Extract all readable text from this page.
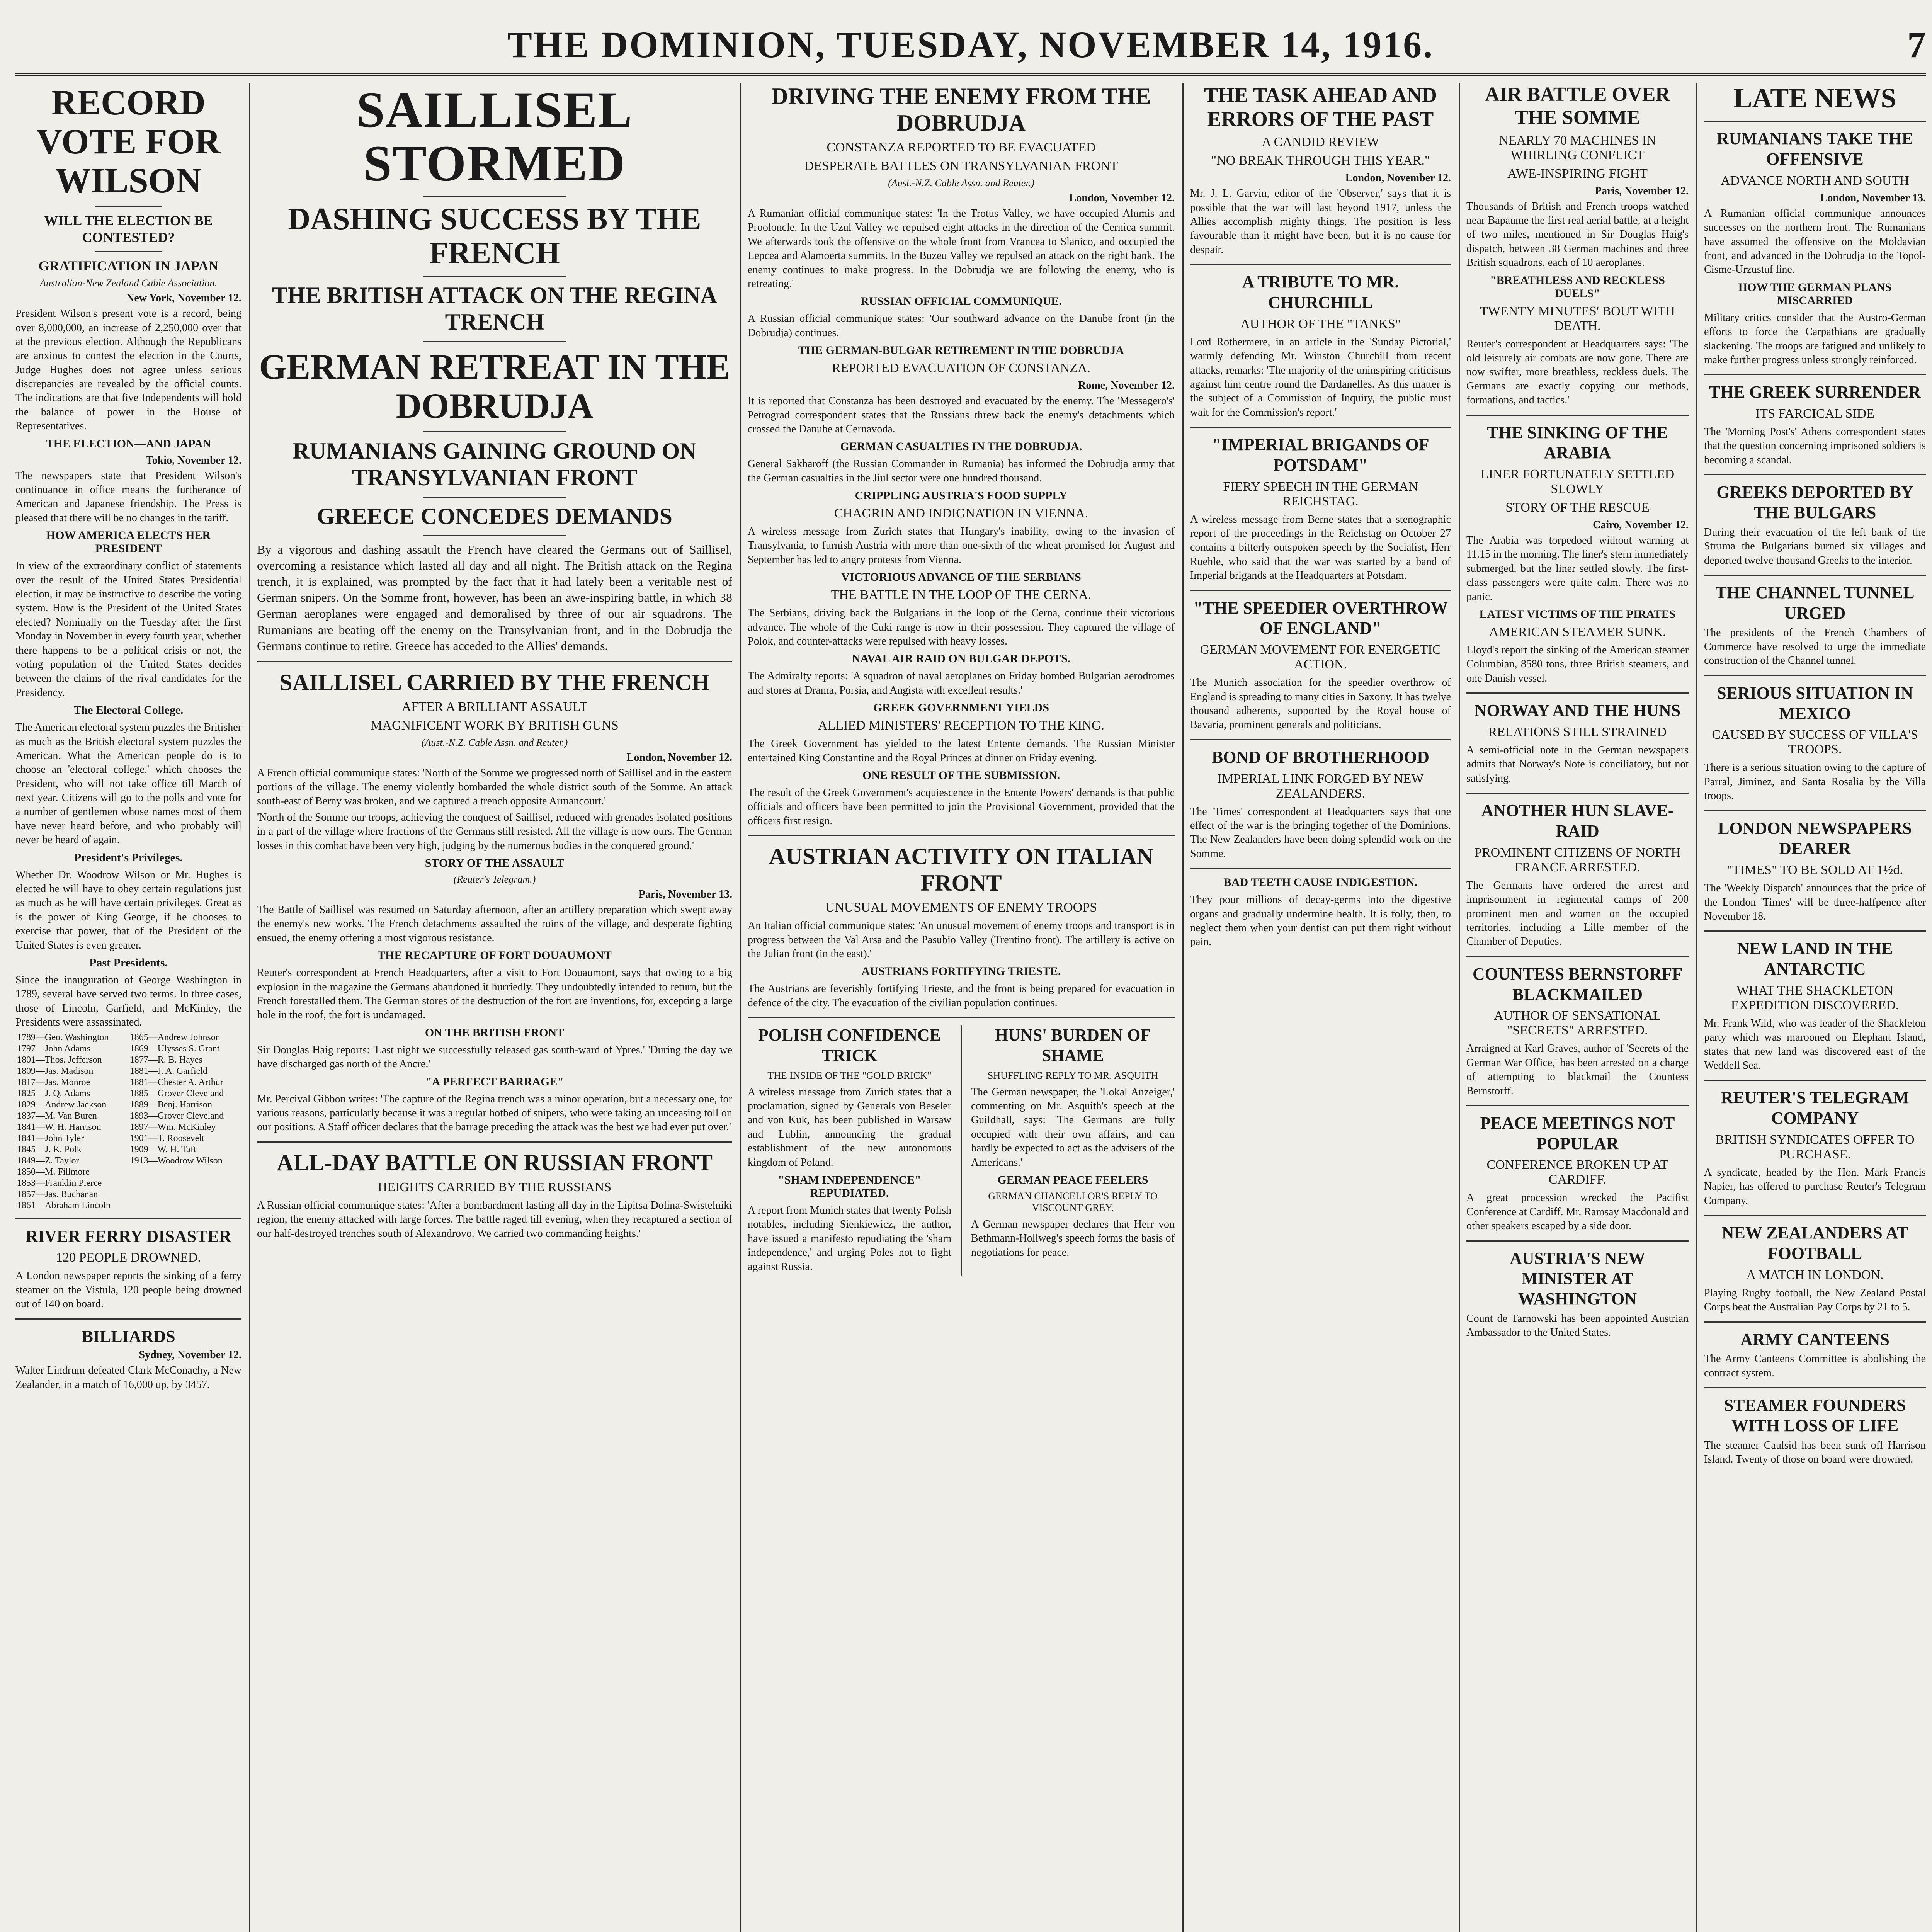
THE DOMINION, TUESDAY, NOVEMBER 14, 1916.	7
RECORD VOTE FOR WILSON
WILL THE ELECTION BE CONTESTED?
GRATIFICATION IN JAPAN
Australian-New Zealand Cable Association.
New York, November 12.

President Wilson's present vote is a record, being over 8,000,000, an increase of 2,250,000 over that at the previous election. Although the Republicans are anxious to contest the election in the Courts, Judge Hughes does not agree unless serious discrepancies are revealed by the official counts. The indications are that five Independents will hold the balance of power in the House of Representatives.

THE ELECTION—AND JAPAN
Tokio, November 12.

The newspapers state that President Wilson's continuance in office means the furtherance of American and Japanese friendship. The Press is pleased that there will be no changes in the tariff.

HOW AMERICA ELECTS HER PRESIDENT

In view of the extraordinary conflict of statements over the result of the United States Presidential election, it may be instructive to describe the voting system. How is the President of the United States elected? Nominally on the Tuesday after the first Monday in November in every fourth year, whether there happens to be a political crisis or not, the voting population of the United States decides between the claims of the rival candidates for the Presidency.

The Electoral College.

The American electoral system puzzles the Britisher as much as the British electoral system puzzles the American. What the American people do is to choose an 'electoral college,' which chooses the President, who will not take office till March of next year. Citizens will go to the polls and vote for a number of gentlemen whose names most of them have never heard before, and who probably will never be heard of again.

President's Privileges.

Whether Dr. Woodrow Wilson or Mr. Hughes is elected he will have to obey certain regulations just as much as he will have certain privileges. Great as is the power of King George, if he chooses to exercise that power, that of the President of the United States is even greater.

Past Presidents.

Since the inauguration of George Washington in 1789, several have served two terms. In three cases, those of Lincoln, Garfield, and McKinley, the Presidents were assassinated.

1789—Geo. Washington	1865—Andrew Johnson
1797—John Adams	1869—Ulysses S. Grant
1801—Thos. Jefferson	1877—R. B. Hayes
1809—Jas. Madison	1881—J. A. Garfield
1817—Jas. Monroe	1881—Chester A. Arthur
1825—J. Q. Adams	1885—Grover Cleveland
1829—Andrew Jackson	1889—Benj. Harrison
1837—M. Van Buren	1893—Grover Cleveland
1841—W. H. Harrison	1897—Wm. McKinley
1841—John Tyler	1901—T. Roosevelt
1845—J. K. Polk	1909—W. H. Taft
1849—Z. Taylor	1913—Woodrow Wilson
1850—M. Fillmore	
1853—Franklin Pierce	
1857—Jas. Buchanan	
1861—Abraham Lincoln	
RIVER FERRY DISASTER
120 PEOPLE DROWNED.

A London newspaper reports the sinking of a ferry steamer on the Vistula, 120 people being drowned out of 140 on board.

BILLIARDS
Sydney, November 12.

Walter Lindrum defeated Clark McConachy, a New Zealander, in a match of 16,000 up, by 3457.

SAILLISEL STORMED
DASHING SUCCESS BY THE FRENCH
THE BRITISH ATTACK ON THE REGINA TRENCH
GERMAN RETREAT IN THE DOBRUDJA
RUMANIANS GAINING GROUND ON TRANSYLVANIAN FRONT
GREECE CONCEDES DEMANDS

By a vigorous and dashing assault the French have cleared the Germans out of Saillisel, overcoming a resistance which lasted all day and all night. The British attack on the Regina trench, it is explained, was prompted by the fact that it had lately been a veritable nest of German snipers. On the Somme front, however, has been an awe-inspiring battle, in which 38 German aeroplanes were engaged and demoralised by three of our air squadrons. The Rumanians are beating off the enemy on the Transylvanian front, and in the Dobrudja the Germans continue to retire. Greece has acceded to the Allies' demands.

SAILLISEL CARRIED BY THE FRENCH
AFTER A BRILLIANT ASSAULT
MAGNIFICENT WORK BY BRITISH GUNS
(Aust.-N.Z. Cable Assn. and Reuter.)
London, November 12.

A French official communique states: 'North of the Somme we progressed north of Saillisel and in the eastern portions of the village. The enemy violently bombarded the whole district south of the Somme. An attack south-east of Berny was broken, and we captured a trench opposite Armancourt.'

'North of the Somme our troops, achieving the conquest of Saillisel, reduced with grenades isolated positions in a part of the village where fractions of the Germans still resisted. All the village is now ours. The German losses in this combat have been very high, judging by the numerous bodies in the conquered ground.'

STORY OF THE ASSAULT
(Reuter's Telegram.)
Paris, November 13.

The Battle of Saillisel was resumed on Saturday afternoon, after an artillery preparation which swept away the enemy's new works. The French detachments assaulted the ruins of the village, and desperate fighting ensued, the enemy offering a most vigorous resistance.

THE RECAPTURE OF FORT DOUAUMONT

Reuter's correspondent at French Headquarters, after a visit to Fort Douaumont, says that owing to a big explosion in the magazine the Germans abandoned it hurriedly. They undoubtedly intended to return, but the French forestalled them. The German stores of the destruction of the fort are inventions, for, excepting a large hole in the roof, the fort is undamaged.

ON THE BRITISH FRONT

Sir Douglas Haig reports: 'Last night we successfully released gas south-ward of Ypres.' 'During the day we have discharged gas north of the Ancre.'

"A PERFECT BARRAGE"

Mr. Percival Gibbon writes: 'The capture of the Regina trench was a minor operation, but a necessary one, for various reasons, particularly because it was a regular hotbed of snipers, who were taking an unceasing toll on our positions. A Staff officer declares that the barrage preceding the attack was the best we had ever put over.'

ALL-DAY BATTLE ON RUSSIAN FRONT
HEIGHTS CARRIED BY THE RUSSIANS

A Russian official communique states: 'After a bombardment lasting all day in the Lipitsa Dolina-Swistelniki region, the enemy attacked with large forces. The battle raged till evening, when they recaptured a section of our half-destroyed trenches south of Alexandrovo. We carried two commanding heights.'

DRIVING THE ENEMY FROM THE DOBRUDJA
CONSTANZA REPORTED TO BE EVACUATED
DESPERATE BATTLES ON TRANSYLVANIAN FRONT
(Aust.-N.Z. Cable Assn. and Reuter.)
London, November 12.

A Rumanian official communique states: 'In the Trotus Valley, we have occupied Alumis and Prooloncle. In the Uzul Valley we repulsed eight attacks in the direction of the Cernica summit. We afterwards took the offensive on the whole front from Vrancea to Slanico, and occupied the Lepcea and Alamoerta summits. In the Buzeu Valley we repulsed an attack on the right bank. The enemy continues to make progress. In the Dobrudja we are following the enemy, who is retreating.'

RUSSIAN OFFICIAL COMMUNIQUE.

A Russian official communique states: 'Our southward advance on the Danube front (in the Dobrudja) continues.'

THE GERMAN-BULGAR RETIREMENT IN THE DOBRUDJA
REPORTED EVACUATION OF CONSTANZA.
Rome, November 12.

It is reported that Constanza has been destroyed and evacuated by the enemy. The 'Messagero's' Petrograd correspondent states that the Russians threw back the enemy's detachments which crossed the Danube at Cernavoda.

GERMAN CASUALTIES IN THE DOBRUDJA.

General Sakharoff (the Russian Commander in Rumania) has informed the Dobrudja army that the German casualties in the Jiul sector were one hundred thousand.

CRIPPLING AUSTRIA'S FOOD SUPPLY
CHAGRIN AND INDIGNATION IN VIENNA.

A wireless message from Zurich states that Hungary's inability, owing to the invasion of Transylvania, to furnish Austria with more than one-sixth of the wheat promised for August and September has led to angry protests from Vienna.

VICTORIOUS ADVANCE OF THE SERBIANS
THE BATTLE IN THE LOOP OF THE CERNA.

The Serbians, driving back the Bulgarians in the loop of the Cerna, continue their victorious advance. The whole of the Cuki range is now in their possession. They captured the village of Polok, and counter-attacks were repulsed with heavy losses.

NAVAL AIR RAID ON BULGAR DEPOTS.

The Admiralty reports: 'A squadron of naval aeroplanes on Friday bombed Bulgarian aerodromes and stores at Drama, Porsia, and Angista with excellent results.'

GREEK GOVERNMENT YIELDS
ALLIED MINISTERS' RECEPTION TO THE KING.

The Greek Government has yielded to the latest Entente demands. The Russian Minister entertained King Constantine and the Royal Princes at dinner on Friday evening.

ONE RESULT OF THE SUBMISSION.

The result of the Greek Government's acquiescence in the Entente Powers' demands is that public officials and officers have been permitted to join the Provisional Government, provided that the officers first resign.

AUSTRIAN ACTIVITY ON ITALIAN FRONT
UNUSUAL MOVEMENTS OF ENEMY TROOPS

An Italian official communique states: 'An unusual movement of enemy troops and transport is in progress between the Val Arsa and the Pasubio Valley (Trentino front). The artillery is active on the Julian front (in the east).'

AUSTRIANS FORTIFYING TRIESTE.

The Austrians are feverishly fortifying Trieste, and the front is being prepared for evacuation in defence of the city. The evacuation of the civilian population continues.

POLISH CONFIDENCE TRICK
THE INSIDE OF THE "GOLD BRICK"

A wireless message from Zurich states that a proclamation, signed by Generals von Beseler and von Kuk, has been published in Warsaw and Lublin, announcing the gradual establishment of the new autonomous kingdom of Poland.

"SHAM INDEPENDENCE" REPUDIATED.

A report from Munich states that twenty Polish notables, including Sienkiewicz, the author, have issued a manifesto repudiating the 'sham independence,' and urging Poles not to fight against Russia.

HUNS' BURDEN OF SHAME
SHUFFLING REPLY TO MR. ASQUITH

The German newspaper, the 'Lokal Anzeiger,' commenting on Mr. Asquith's speech at the Guildhall, says: 'The Germans are fully occupied with their own affairs, and can hardly be expected to act as the advisers of the Americans.'

GERMAN PEACE FEELERS
GERMAN CHANCELLOR'S REPLY TO VISCOUNT GREY.

A German newspaper declares that Herr von Bethmann-Hollweg's speech forms the basis of negotiations for peace.

THE TASK AHEAD AND ERRORS OF THE PAST
A CANDID REVIEW
"NO BREAK THROUGH THIS YEAR."
London, November 12.

Mr. J. L. Garvin, editor of the 'Observer,' says that it is possible that the war will last beyond 1917, unless the Allies accomplish mighty things. The position is less favourable than it might have been, but it is no cause for despair.

A TRIBUTE TO MR. CHURCHILL
AUTHOR OF THE "TANKS"

Lord Rothermere, in an article in the 'Sunday Pictorial,' warmly defending Mr. Winston Churchill from recent attacks, remarks: 'The majority of the uninspiring criticisms against him centre round the Dardanelles. As this matter is the subject of a Commission of Inquiry, the public must wait for the Commission's report.'

"IMPERIAL BRIGANDS OF POTSDAM"
FIERY SPEECH IN THE GERMAN REICHSTAG.

A wireless message from Berne states that a stenographic report of the proceedings in the Reichstag on October 27 contains a bitterly outspoken speech by the Socialist, Herr Ruehle, who said that the war was started by a band of Imperial brigands at the Headquarters at Potsdam.

"THE SPEEDIER OVERTHROW OF ENGLAND"
GERMAN MOVEMENT FOR ENERGETIC ACTION.

The Munich association for the speedier overthrow of England is spreading to many cities in Saxony. It has twelve thousand adherents, supported by the Royal house of Bavaria, prominent generals and politicians.

BOND OF BROTHERHOOD
IMPERIAL LINK FORGED BY NEW ZEALANDERS.

The 'Times' correspondent at Headquarters says that one effect of the war is the bringing together of the Dominions. The New Zealanders have been doing splendid work on the Somme.

BAD TEETH CAUSE INDIGESTION.

They pour millions of decay-germs into the digestive organs and gradually undermine health. It is folly, then, to neglect them when your dentist can put them right without pain.

AIR BATTLE OVER THE SOMME
NEARLY 70 MACHINES IN WHIRLING CONFLICT
AWE-INSPIRING FIGHT
Paris, November 12.

Thousands of British and French troops watched near Bapaume the first real aerial battle, at a height of two miles, mentioned in Sir Douglas Haig's dispatch, between 38 German machines and three British squadrons, each of 10 aeroplanes.

"BREATHLESS AND RECKLESS DUELS"
TWENTY MINUTES' BOUT WITH DEATH.

Reuter's correspondent at Headquarters says: 'The old leisurely air combats are now gone. There are now swifter, more breathless, reckless duels. The Germans are exactly copying our methods, formations, and tactics.'

THE SINKING OF THE ARABIA
LINER FORTUNATELY SETTLED SLOWLY
STORY OF THE RESCUE
Cairo, November 12.

The Arabia was torpedoed without warning at 11.15 in the morning. The liner's stern immediately submerged, but the liner settled slowly. The first-class passengers were quite calm. There was no panic.

LATEST VICTIMS OF THE PIRATES
AMERICAN STEAMER SUNK.

Lloyd's report the sinking of the American steamer Columbian, 8580 tons, three British steamers, and one Danish vessel.

NORWAY AND THE HUNS
RELATIONS STILL STRAINED

A semi-official note in the German newspapers admits that Norway's Note is conciliatory, but not satisfying.

ANOTHER HUN SLAVE-RAID
PROMINENT CITIZENS OF NORTH FRANCE ARRESTED.

The Germans have ordered the arrest and imprisonment in regimental camps of 200 prominent men and women on the occupied territories, including a Lille member of the Chamber of Deputies.

COUNTESS BERNSTORFF BLACKMAILED
AUTHOR OF SENSATIONAL "SECRETS" ARRESTED.

Arraigned at Karl Graves, author of 'Secrets of the German War Office,' has been arrested on a charge of attempting to blackmail the Countess Bernstorff.

PEACE MEETINGS NOT POPULAR
CONFERENCE BROKEN UP AT CARDIFF.

A great procession wrecked the Pacifist Conference at Cardiff. Mr. Ramsay Macdonald and other speakers escaped by a side door.

AUSTRIA'S NEW MINISTER AT WASHINGTON

Count de Tarnowski has been appointed Austrian Ambassador to the United States.

LATE NEWS
RUMANIANS TAKE THE OFFENSIVE
ADVANCE NORTH AND SOUTH
London, November 13.

A Rumanian official communique announces successes on the northern front. The Rumanians have assumed the offensive on the Moldavian front, and advanced in the Dobrudja to the Topol-Cisme-Urzustuf line.

HOW THE GERMAN PLANS MISCARRIED

Military critics consider that the Austro-German efforts to force the Carpathians are gradually slackening. The troops are fatigued and unlikely to make further progress unless strongly reinforced.

THE GREEK SURRENDER
ITS FARCICAL SIDE

The 'Morning Post's' Athens correspondent states that the question concerning imprisoned soldiers is becoming a scandal.

GREEKS DEPORTED BY THE BULGARS

During their evacuation of the left bank of the Struma the Bulgarians burned six villages and deported twelve thousand Greeks to the interior.

THE CHANNEL TUNNEL URGED

The presidents of the French Chambers of Commerce have resolved to urge the immediate construction of the Channel tunnel.

SERIOUS SITUATION IN MEXICO
CAUSED BY SUCCESS OF VILLA'S TROOPS.

There is a serious situation owing to the capture of Parral, Jiminez, and Santa Rosalia by the Villa troops.

LONDON NEWSPAPERS DEARER
"TIMES" TO BE SOLD AT 1½d.

The 'Weekly Dispatch' announces that the price of the London 'Times' will be three-halfpence after November 18.

NEW LAND IN THE ANTARCTIC
WHAT THE SHACKLETON EXPEDITION DISCOVERED.

Mr. Frank Wild, who was leader of the Shackleton party which was marooned on Elephant Island, states that new land was discovered east of the Weddell Sea.

REUTER'S TELEGRAM COMPANY
BRITISH SYNDICATES OFFER TO PURCHASE.

A syndicate, headed by the Hon. Mark Francis Napier, has offered to purchase Reuter's Telegram Company.

NEW ZEALANDERS AT FOOTBALL
A MATCH IN LONDON.

Playing Rugby football, the New Zealand Postal Corps beat the Australian Pay Corps by 21 to 5.

ARMY CANTEENS

The Army Canteens Committee is abolishing the contract system.

STEAMER FOUNDERS WITH LOSS OF LIFE

The steamer Caulsid has been sunk off Harrison Island. Twenty of those on board were drowned.
